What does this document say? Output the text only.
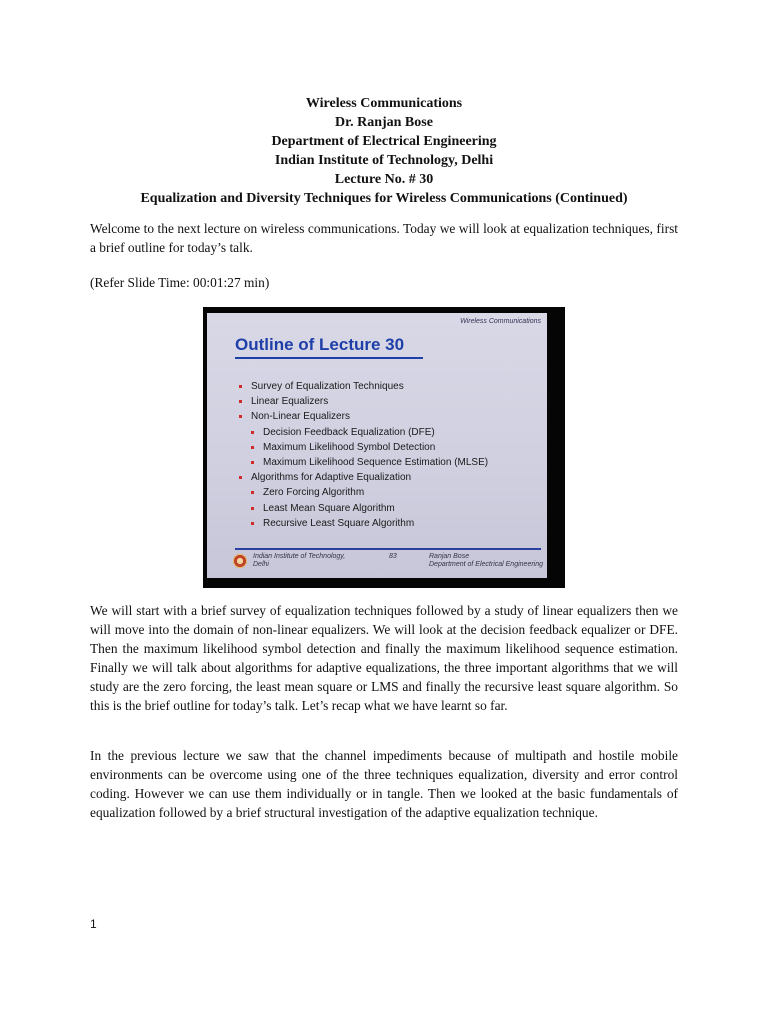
Wireless Communications
Dr. Ranjan Bose
Department of Electrical Engineering
Indian Institute of Technology, Delhi
Lecture No. # 30
Equalization and Diversity Techniques for Wireless Communications (Continued)

Welcome to the next lecture on wireless communications. Today we will look at equalization techniques, first a brief outline for today’s talk.

(Refer Slide Time: 00:01:27 min)

Wireless Communications
Outline of Lecture 30
Survey of Equalization Techniques
Linear Equalizers
Non-Linear Equalizers
Decision Feedback Equalization (DFE)
Maximum Likelihood Symbol Detection
Maximum Likelihood Sequence Estimation (MLSE)
Algorithms for Adaptive Equalization
Zero Forcing Algorithm
Least Mean Square Algorithm
Recursive Least Square Algorithm
Indian Institute of Technology,
Delhi
83	Ranjan Bose
Department of Electrical Engineering

We will start with a brief survey of equalization techniques followed by a study of linear equalizers then we will move into the domain of non-linear equalizers. We will look at the decision feedback equalizer or DFE. Then the maximum likelihood symbol detection and finally the maximum likelihood sequence estimation. Finally we will talk about algorithms for adaptive equalizations, the three important algorithms that we will study are the zero forcing, the least mean square or LMS and finally the recursive least square algorithm. So this is the brief outline for today’s talk. Let’s recap what we have learnt so far.

In the previous lecture we saw that the channel impediments because of multipath and hostile mobile environments can be overcome using one of the three techniques equalization, diversity and error control coding. However we can use them individually or in tangle. Then we looked at the basic fundamentals of equalization followed by a brief structural investigation of the adaptive equalization technique.

1
